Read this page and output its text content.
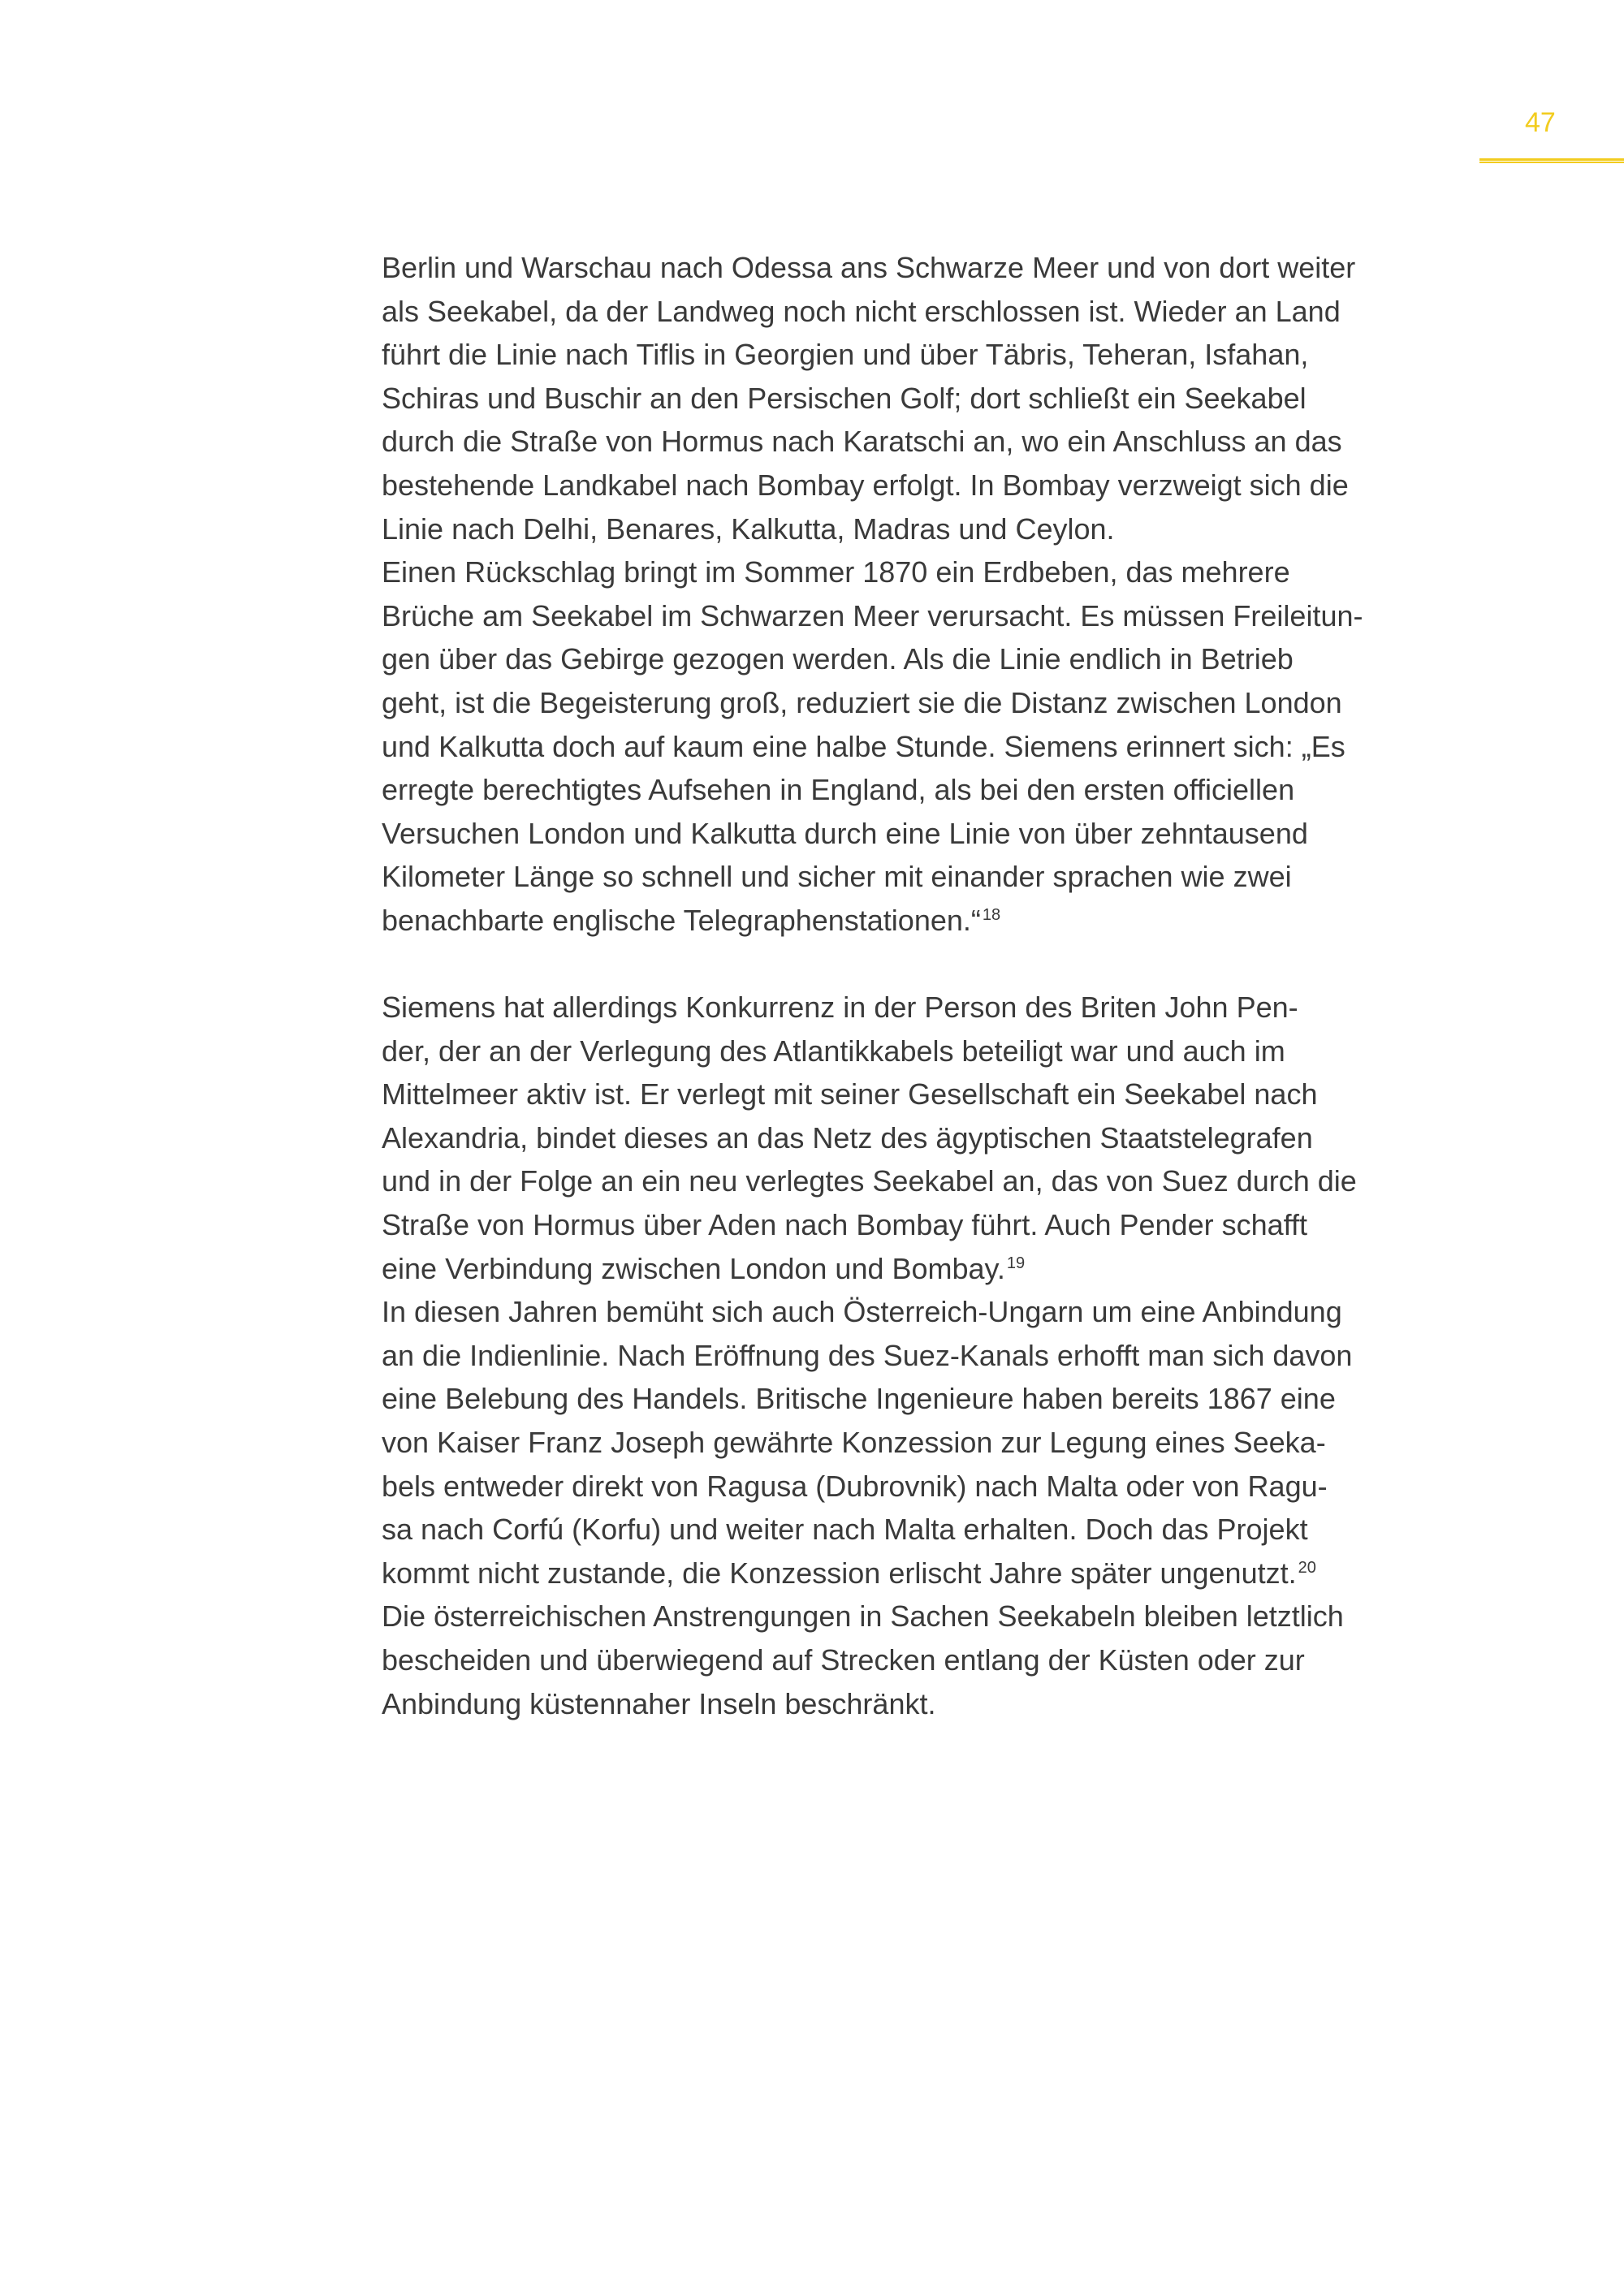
47
Berlin und Warschau nach Odessa ans Schwarze Meer und von dort weiter
als Seekabel, da der Landweg noch nicht erschlossen ist. Wieder an Land
führt die Linie nach Tiflis in Georgien und über Täbris, Teheran, Isfahan,
Schiras und Buschir an den Persischen Golf; dort schließt ein Seekabel
durch die Straße von Hormus nach Karatschi an, wo ein Anschluss an das
bestehende Landkabel nach Bombay erfolgt. In Bombay verzweigt sich die
Linie nach Delhi, Benares, Kalkutta, Madras und Ceylon.
Einen Rückschlag bringt im Sommer 1870 ein Erdbeben, das mehrere
Brüche am Seekabel im Schwarzen Meer verursacht. Es müssen Freileitun-
gen über das Gebirge gezogen werden. Als die Linie endlich in Betrieb
geht, ist die Begeisterung groß, reduziert sie die Distanz zwischen London
und Kalkutta doch auf kaum eine halbe Stunde. Siemens erinnert sich: „Es
erregte berechtigtes Aufsehen in England, als bei den ersten officiellen
Versuchen London und Kalkutta durch eine Linie von über zehntausend
Kilometer Länge so schnell und sicher mit einander sprachen wie zwei
benachbarte englische Telegraphenstationen.“ $^{18}$
Siemens hat allerdings Konkurrenz in der Person des Briten John Pen-
der, der an der Verlegung des Atlantikkabels beteiligt war und auch im
Mittelmeer aktiv ist. Er verlegt mit seiner Gesellschaft ein Seekabel nach
Alexandria, bindet dieses an das Netz des ägyptischen Staatstelegrafen
und in der Folge an ein neu verlegtes Seekabel an, das von Suez durch die
Straße von Hormus über Aden nach Bombay führt. Auch Pender schafft
eine Verbindung zwischen London und Bombay. $^{19}$
In diesen Jahren bemüht sich auch Österreich-Ungarn um eine Anbindung
an die Indienlinie. Nach Eröffnung des Suez-Kanals erhofft man sich davon
eine Belebung des Handels. Britische Ingenieure haben bereits 1867 eine
von Kaiser Franz Joseph gewährte Konzession zur Legung eines Seeka-
bels entweder direkt von Ragusa (Dubrovnik) nach Malta oder von Ragu-
sa nach Corfú (Korfu) und weiter nach Malta erhalten. Doch das Projekt
kommt nicht zustande, die Konzession erlischt Jahre später ungenutzt. $^{20}$
Die österreichischen Anstrengungen in Sachen Seekabeln bleiben letztlich
bescheiden und überwiegend auf Strecken entlang der Küsten oder zur
Anbindung küstennaher Inseln beschränkt.
